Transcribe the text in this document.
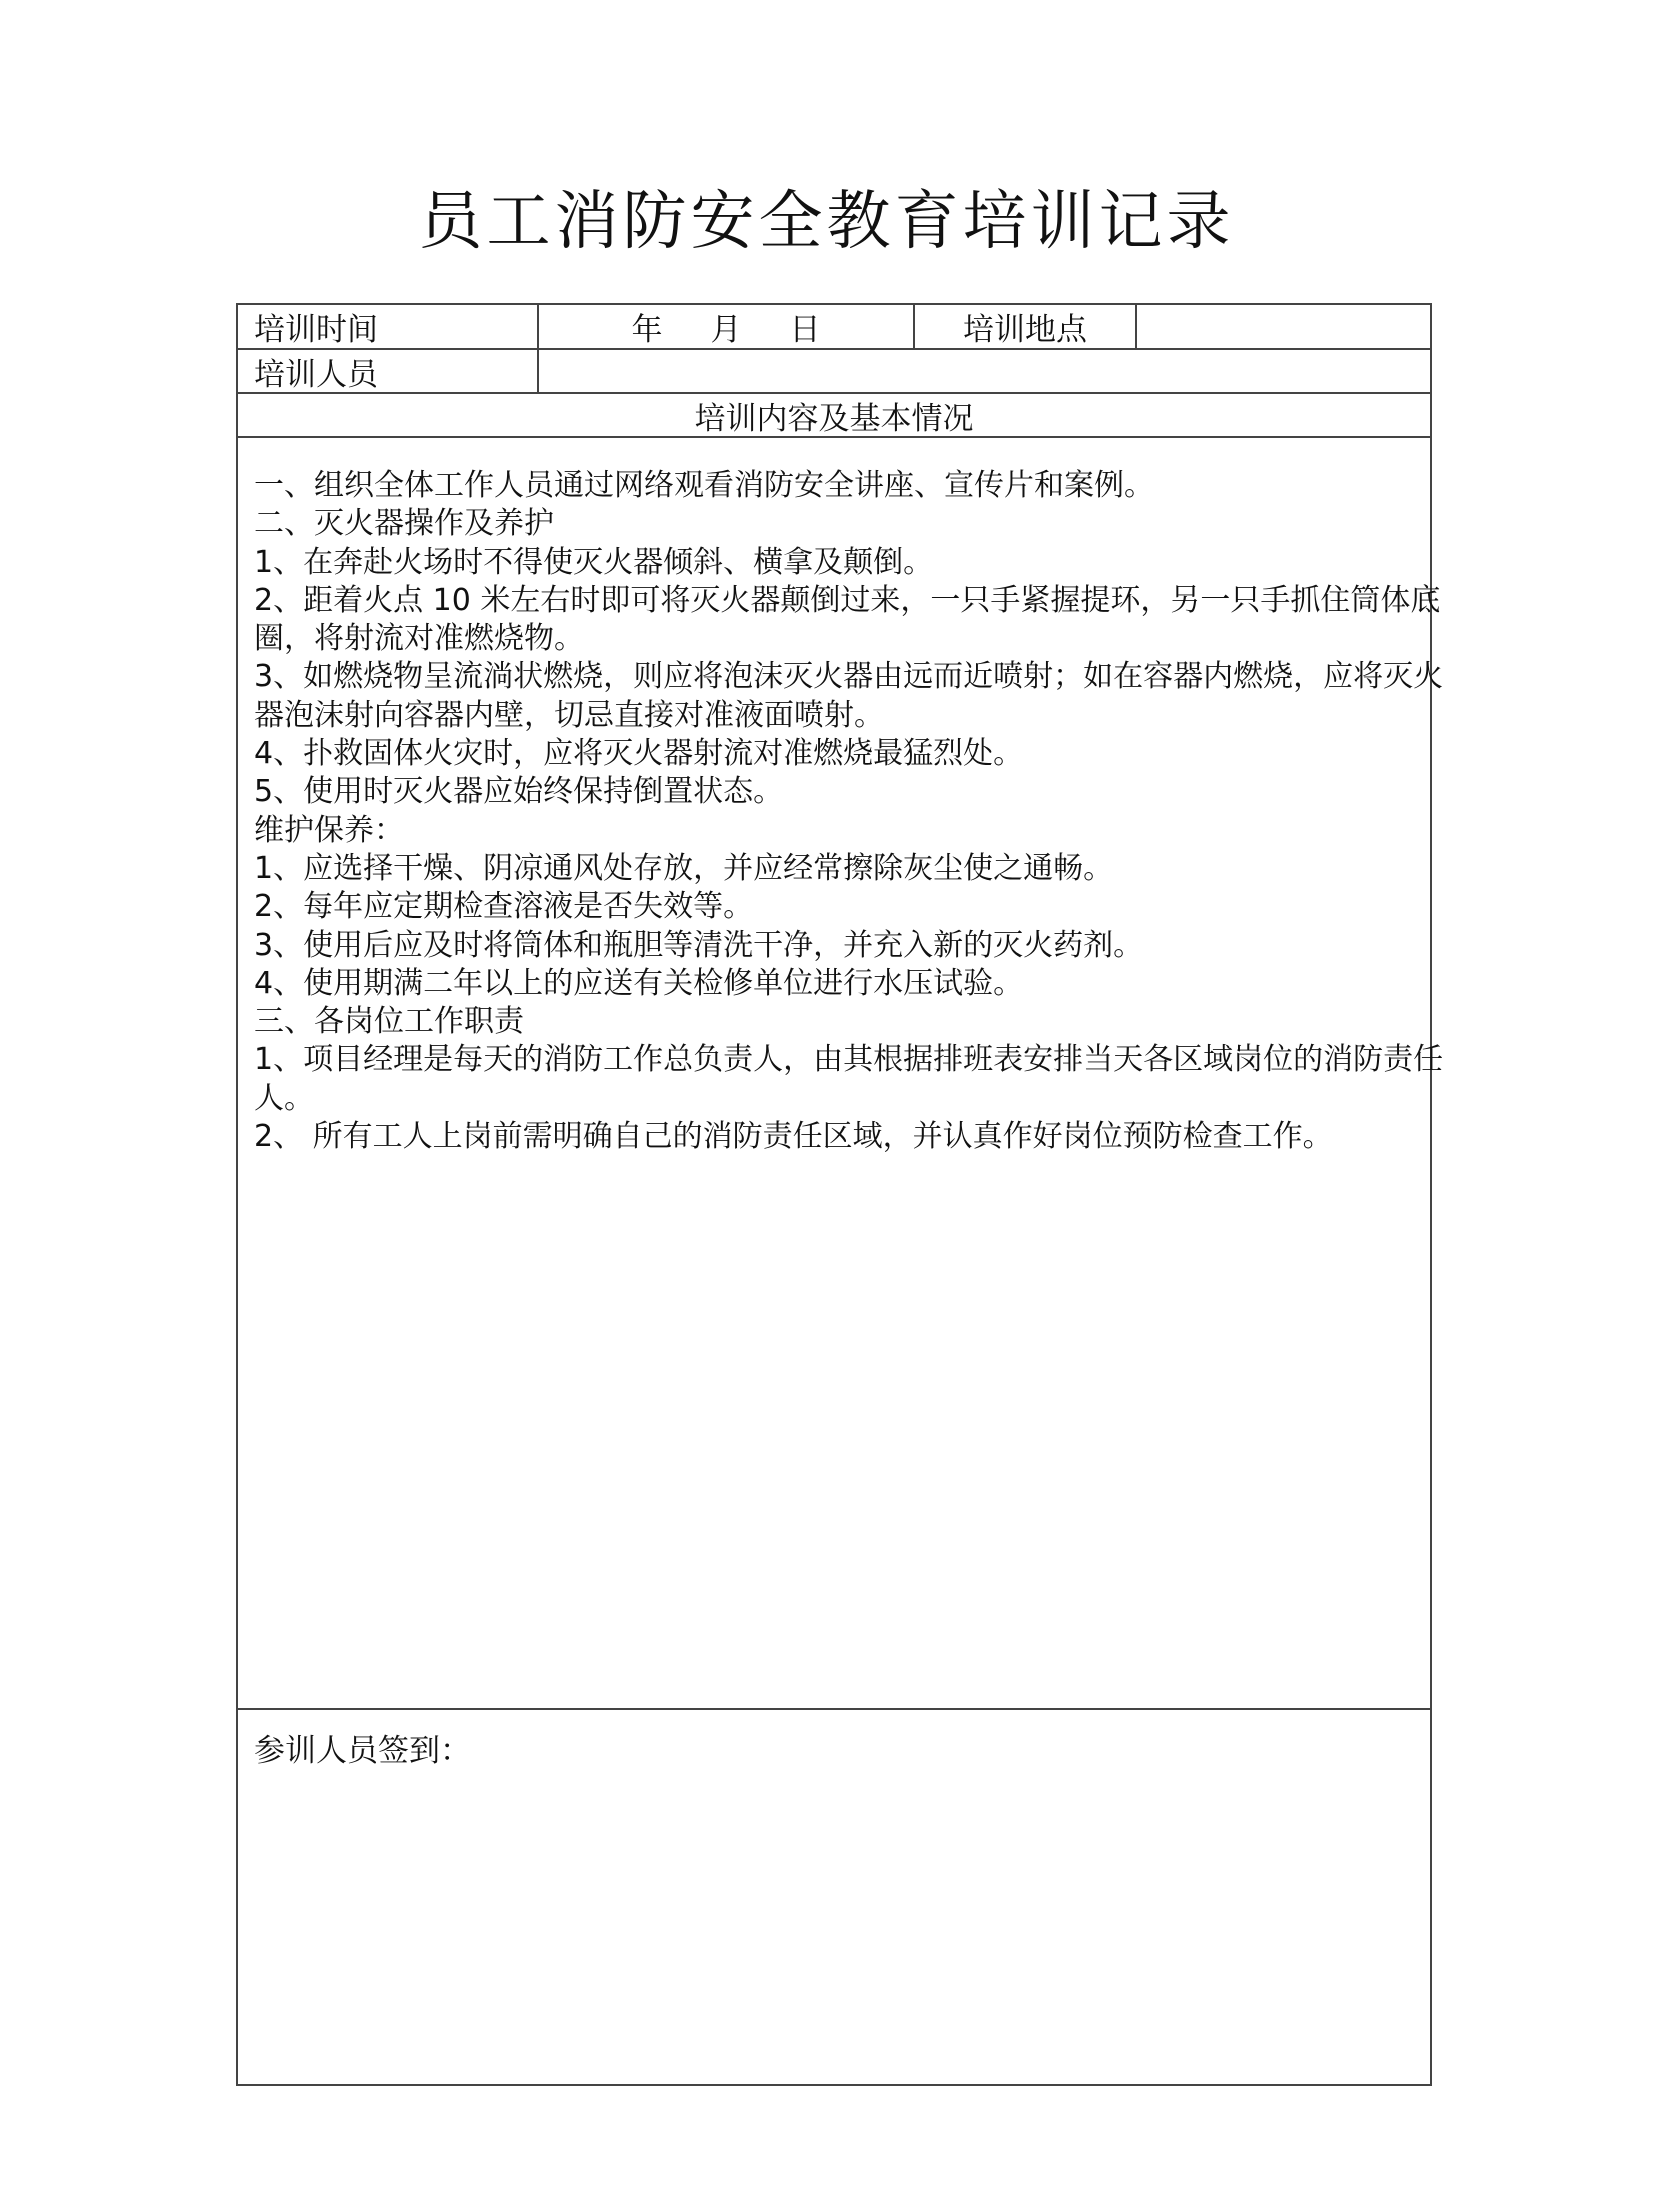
员工消防安全教育培训记录
培训时间	年 月 日	培训地点
培训人员
培训内容及基本情况
一、组织全体工作人员通过网络观看消防安全讲座、宣传片和案例。
二、灭火器操作及养护
1、在奔赴火场时不得使灭火器倾斜、横拿及颠倒。
2、距着火点 10 米左右时即可将灭火器颠倒过来，一只手紧握提环，另一只手抓住筒体底
圈，将射流对准燃烧物。
3、如燃烧物呈流淌状燃烧，则应将泡沫灭火器由远而近喷射；如在容器内燃烧，应将灭火
器泡沫射向容器内壁，切忌直接对准液面喷射。
4、扑救固体火灾时，应将灭火器射流对准燃烧最猛烈处。
5、使用时灭火器应始终保持倒置状态。
维护保养：
1、应选择干燥、阴凉通风处存放，并应经常擦除灰尘使之通畅。
2、每年应定期检查溶液是否失效等。
3、使用后应及时将筒体和瓶胆等清洗干净，并充入新的灭火药剂。
4、使用期满二年以上的应送有关检修单位进行水压试验。
三、各岗位工作职责
1、项目经理是每天的消防工作总负责人，由其根据排班表安排当天各区域岗位的消防责任
人。
2、 所有工人上岗前需明确自己的消防责任区域，并认真作好岗位预防检查工作。
参训人员签到：
